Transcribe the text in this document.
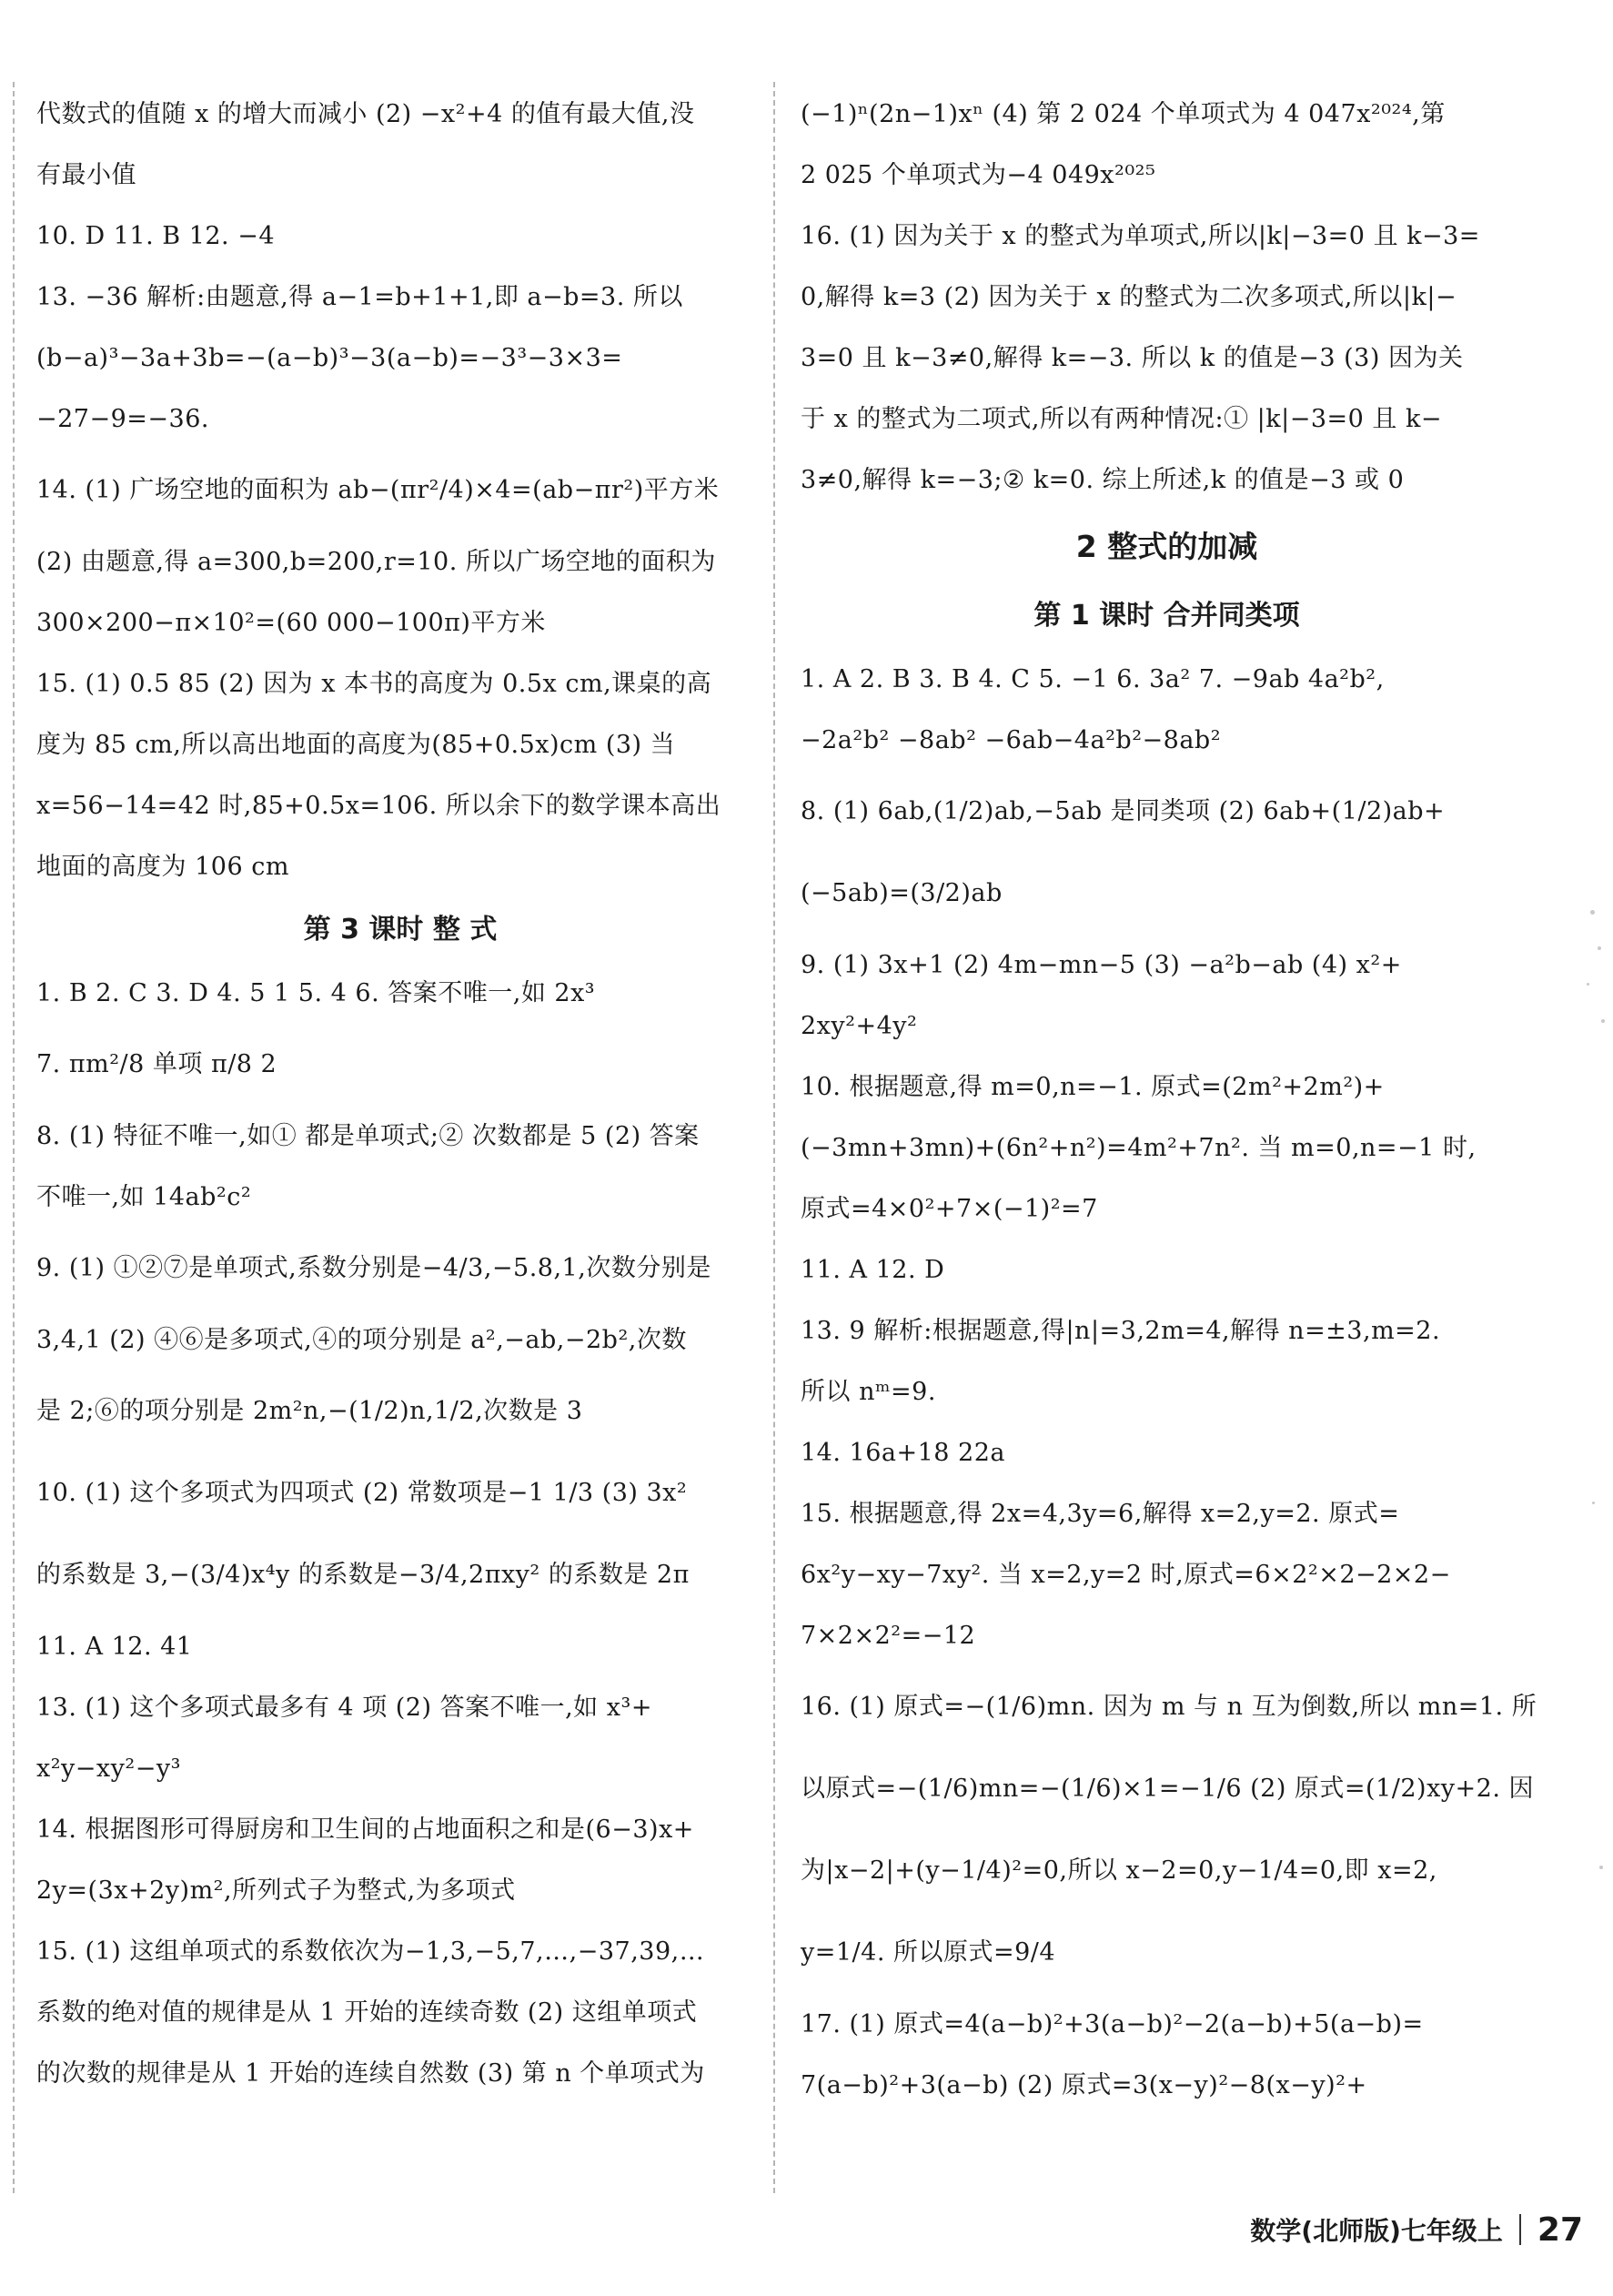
代数式的值随 x 的增大而减小 (2) −x²+4 的值有最大值,没
有最小值
10. D 11. B 12. −4
13. −36 解析:由题意,得 a−1=b+1+1,即 a−b=3. 所以
(b−a)³−3a+3b=−(a−b)³−3(a−b)=−3³−3×3=
−27−9=−36.
14. (1) 广场空地的面积为 ab−(πr²/4)×4=(ab−πr²)平方米
(2) 由题意,得 a=300,b=200,r=10. 所以广场空地的面积为
300×200−π×10²=(60 000−100π)平方米
15. (1) 0.5 85 (2) 因为 x 本书的高度为 0.5x cm,课桌的高
度为 85 cm,所以高出地面的高度为(85+0.5x)cm (3) 当
x=56−14=42 时,85+0.5x=106. 所以余下的数学课本高出
地面的高度为 106 cm
第 3 课时 整 式
1. B 2. C 3. D 4. 5 1 5. 4 6. 答案不唯一,如 2x³
7. πm²/8 单项 π/8 2
8. (1) 特征不唯一,如① 都是单项式;② 次数都是 5 (2) 答案
不唯一,如 14ab²c²
9. (1) ①②⑦是单项式,系数分别是−4/3,−5.8,1,次数分别是
3,4,1 (2) ④⑥是多项式,④的项分别是 a²,−ab,−2b²,次数
是 2;⑥的项分别是 2m²n,−(1/2)n,1/2,次数是 3
10. (1) 这个多项式为四项式 (2) 常数项是−1 1/3 (3) 3x²
的系数是 3,−(3/4)x⁴y 的系数是−3/4,2πxy² 的系数是 2π
11. A 12. 41
13. (1) 这个多项式最多有 4 项 (2) 答案不唯一,如 x³+
x²y−xy²−y³
14. 根据图形可得厨房和卫生间的占地面积之和是(6−3)x+
2y=(3x+2y)m²,所列式子为整式,为多项式
15. (1) 这组单项式的系数依次为−1,3,−5,7,…,−37,39,…
系数的绝对值的规律是从 1 开始的连续奇数 (2) 这组单项式
的次数的规律是从 1 开始的连续自然数 (3) 第 n 个单项式为
(−1)ⁿ(2n−1)xⁿ (4) 第 2 024 个单项式为 4 047x²⁰²⁴,第
2 025 个单项式为−4 049x²⁰²⁵
16. (1) 因为关于 x 的整式为单项式,所以|k|−3=0 且 k−3=
0,解得 k=3 (2) 因为关于 x 的整式为二次多项式,所以|k|−
3=0 且 k−3≠0,解得 k=−3. 所以 k 的值是−3 (3) 因为关
于 x 的整式为二项式,所以有两种情况:① |k|−3=0 且 k−
3≠0,解得 k=−3;② k=0. 综上所述,k 的值是−3 或 0
2 整式的加减
第 1 课时 合并同类项
1. A 2. B 3. B 4. C 5. −1 6. 3a² 7. −9ab 4a²b²,
−2a²b² −8ab² −6ab−4a²b²−8ab²
8. (1) 6ab,(1/2)ab,−5ab 是同类项 (2) 6ab+(1/2)ab+
(−5ab)=(3/2)ab
9. (1) 3x+1 (2) 4m−mn−5 (3) −a²b−ab (4) x²+
2xy²+4y²
10. 根据题意,得 m=0,n=−1. 原式=(2m²+2m²)+
(−3mn+3mn)+(6n²+n²)=4m²+7n². 当 m=0,n=−1 时,
原式=4×0²+7×(−1)²=7
11. A 12. D
13. 9 解析:根据题意,得|n|=3,2m=4,解得 n=±3,m=2.
所以 nᵐ=9.
14. 16a+18 22a
15. 根据题意,得 2x=4,3y=6,解得 x=2,y=2. 原式=
6x²y−xy−7xy². 当 x=2,y=2 时,原式=6×2²×2−2×2−
7×2×2²=−12
16. (1) 原式=−(1/6)mn. 因为 m 与 n 互为倒数,所以 mn=1. 所
以原式=−(1/6)mn=−(1/6)×1=−1/6 (2) 原式=(1/2)xy+2. 因
为|x−2|+(y−1/4)²=0,所以 x−2=0,y−1/4=0,即 x=2,
y=1/4. 所以原式=9/4
17. (1) 原式=4(a−b)²+3(a−b)²−2(a−b)+5(a−b)=
7(a−b)²+3(a−b) (2) 原式=3(x−y)²−8(x−y)²+
数学(北师版)七年级上 27
